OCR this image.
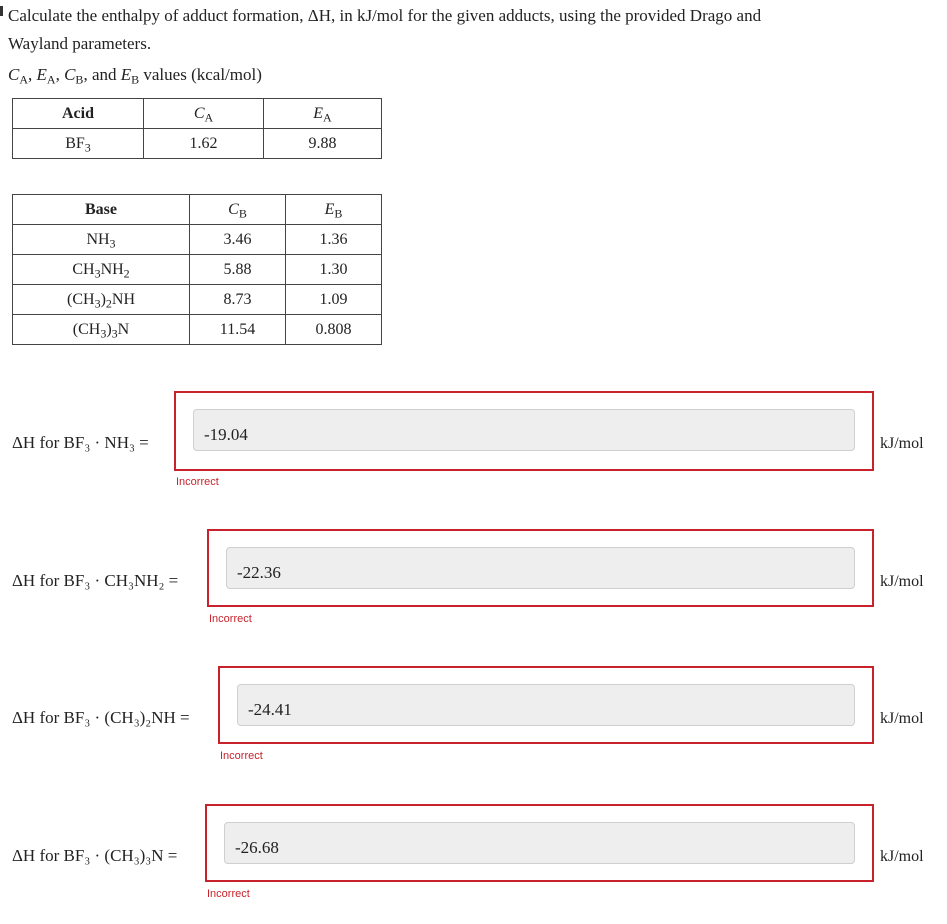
Calculate the enthalpy of adduct formation, ΔH, in kJ/mol for the given adducts, using the provided Drago and
Wayland parameters.

$C_A$, $E_A$, $C_B$, and $E_B$ values (kcal/mol)

Acid	$C_A$	$E_A$
$BF_3$	1.62	9.88
Base	$C_B$	$E_B$
$NH_3$	3.46	1.36
$CH_3NH_2$	5.88	1.30
$(CH_3)_2NH$	8.73	1.09
$(CH_3)_3N$	11.54	0.808
ΔH for BF₃ · NH₃ =
-19.04
Incorrect
kJ/mol
ΔH for BF₃ · CH₃NH₂ =
-22.36
Incorrect
kJ/mol
ΔH for BF₃ · (CH₃)₂NH =
-24.41
Incorrect
kJ/mol
ΔH for BF₃ · (CH₃)₃N =
-26.68
Incorrect
kJ/mol
